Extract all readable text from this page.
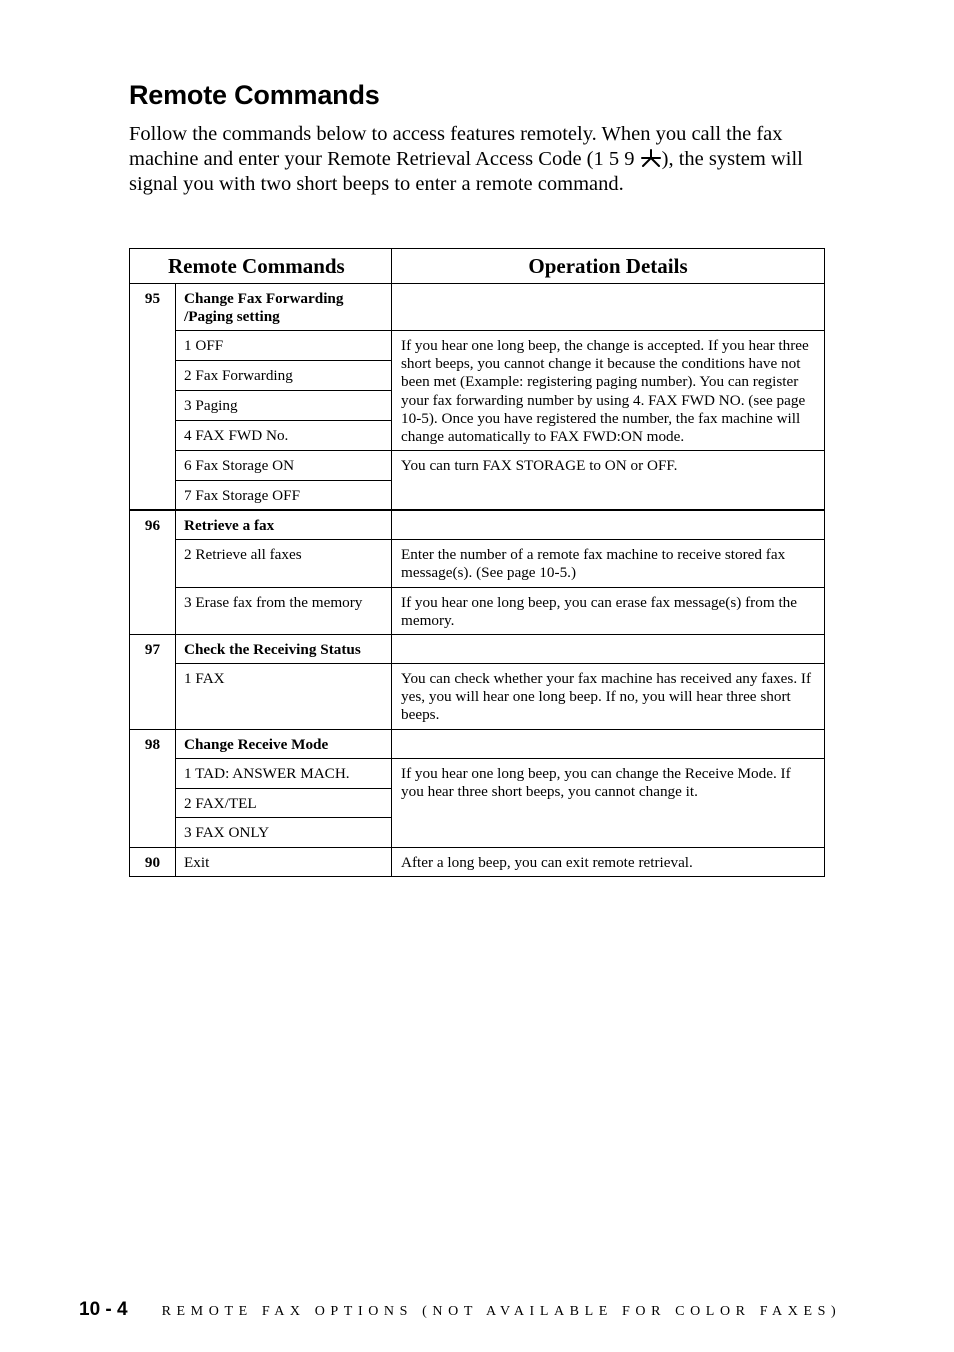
Remote Commands

Follow the commands below to access features remotely. When you call the fax machine and enter your Remote Retrieval Access Code (1 5 9
), the system will signal you with two short beeps to enter a remote command.

Remote Commands		Operation Details
95	Change Fax Forwarding /Paging setting	
	1 OFF	If you hear one long beep, the change is accepted. If you hear three short beeps, you cannot change it because the conditions have not been met (Example: registering paging number). You can register your fax forwarding number by using 4. FAX FWD NO. (see page 10-5). Once you have registered the number, the fax machine will change automatically to FAX FWD:ON mode.
	2 Fax Forwarding	
	3 Paging	
	4 FAX FWD No.	
	6 Fax Storage ON	You can turn FAX STORAGE to ON or OFF.
	7 Fax Storage OFF	
96	Retrieve a fax	
	2 Retrieve all faxes	Enter the number of a remote fax machine to receive stored fax message(s). (See page 10-5.)
	3 Erase fax from the memory	If you hear one long beep, you can erase fax message(s) from the memory.
97	Check the Receiving Status	
	1 FAX	You can check whether your fax machine has received any faxes. If yes, you will hear one long beep. If no, you will hear three short beeps.
98	Change Receive Mode	
	1 TAD: ANSWER MACH.	If you hear one long beep, you can change the Receive Mode. If you hear three short beeps, you cannot change it.
	2 FAX/TEL	
	3 FAX ONLY	
90	Exit	After a long beep, you can exit remote retrieval.
10 - 4 REMOTE FAX OPTIONS (NOT AVAILABLE FOR COLOR FAXES)
